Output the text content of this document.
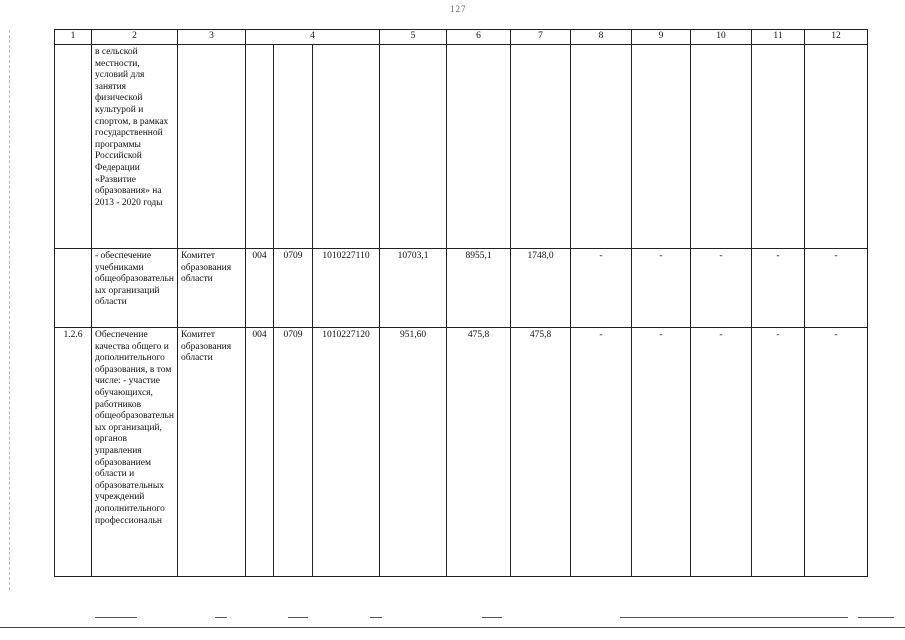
127
1	2	3	4			5	6	7	8	9	10	11	12
	в сельской местности, условий для занятия физической культурой и спортом, в рамках государственной программы Российской Федерации «Развитие образования» на 2013 - 2020 годы												
	- обеспечение учебниками общеобразовательных организаций области	Комитет образования области	004	0709	1010227110	10703,1	8955,1	1748,0	-	-	-	-	-
1.2.6	Обеспечение качества общего и дополнительного образования, в том числе: - участие обучающихся, работников общеобразовательных организаций, органов управления образованием области и образовательных учреждений дополнительного профессиональн	Комитет образования области	004	0709	1010227120	951,60	475,8	475,8	-	-	-	-	-
